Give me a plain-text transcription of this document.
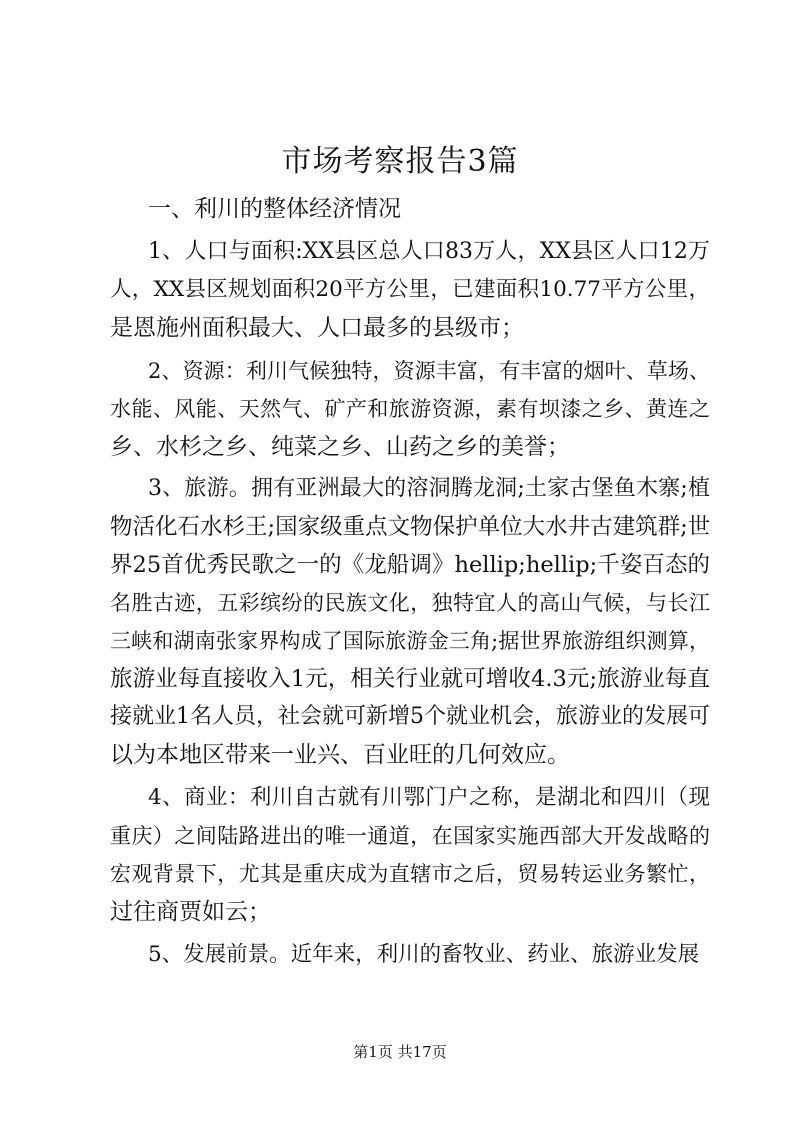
市场考察报告3篇
一、利川的整体经济情况
1、人口与面积:XX县区总人口83万人，XX县区人口12万
人，XX县区规划面积20平方公里，已建面积10.77平方公里，
是恩施州面积最大、人口最多的县级市；
2、资源：利川气候独特，资源丰富，有丰富的烟叶、草场、
水能、风能、天然气、矿产和旅游资源，素有坝漆之乡、黄连之
乡、水杉之乡、纯菜之乡、山药之乡的美誉；
3、旅游。拥有亚洲最大的溶洞腾龙洞;土家古堡鱼木寨;植
物活化石水杉王;国家级重点文物保护单位大水井古建筑群;世
界25首优秀民歌之一的《龙船调》hellip;hellip;千姿百态的
名胜古迹，五彩缤纷的民族文化，独特宜人的高山气候，与长江
三峡和湖南张家界构成了国际旅游金三角;据世界旅游组织测算，
旅游业每直接收入1元，相关行业就可增收4.3元;旅游业每直
接就业1名人员，社会就可新增5个就业机会，旅游业的发展可
以为本地区带来一业兴、百业旺的几何效应。
4、商业：利川自古就有川鄂门户之称，是湖北和四川（现
重庆）之间陆路进出的唯一通道，在国家实施西部大开发战略的
宏观背景下，尤其是重庆成为直辖市之后，贸易转运业务繁忙，
过往商贾如云；
5、发展前景。近年来，利川的畜牧业、药业、旅游业发展
第1页 共17页
